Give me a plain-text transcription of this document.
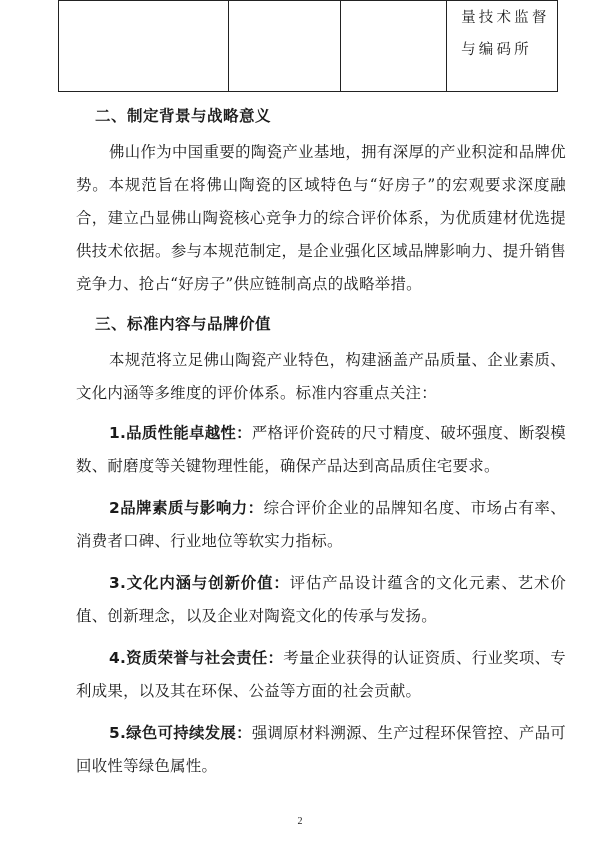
量技术监督
与编码所
二、制定背景与战略意义

佛山作为中国重要的陶瓷产业基地，拥有深厚的产业积淀和品牌优势。本规范旨在将佛山陶瓷的区域特色与“好房子”的宏观要求深度融合，建立凸显佛山陶瓷核心竞争力的综合评价体系，为优质建材优选提供技术依据。参与本规范制定，是企业强化区域品牌影响力、提升销售竞争力、抢占“好房子”供应链制高点的战略举措。

三、标准内容与品牌价值

本规范将立足佛山陶瓷产业特色，构建涵盖产品质量、企业素质、文化内涵等多维度的评价体系。标准内容重点关注：

1.品质性能卓越性：严格评价瓷砖的尺寸精度、破坏强度、断裂模数、耐磨度等关键物理性能，确保产品达到高品质住宅要求。

2品牌素质与影响力：综合评价企业的品牌知名度、市场占有率、消费者口碑、行业地位等软实力指标。

3.文化内涵与创新价值：评估产品设计蕴含的文化元素、艺术价值、创新理念，以及企业对陶瓷文化的传承与发扬。

4.资质荣誉与社会责任：考量企业获得的认证资质、行业奖项、专利成果，以及其在环保、公益等方面的社会贡献。

5.绿色可持续发展：强调原材料溯源、生产过程环保管控、产品可回收性等绿色属性。

2
